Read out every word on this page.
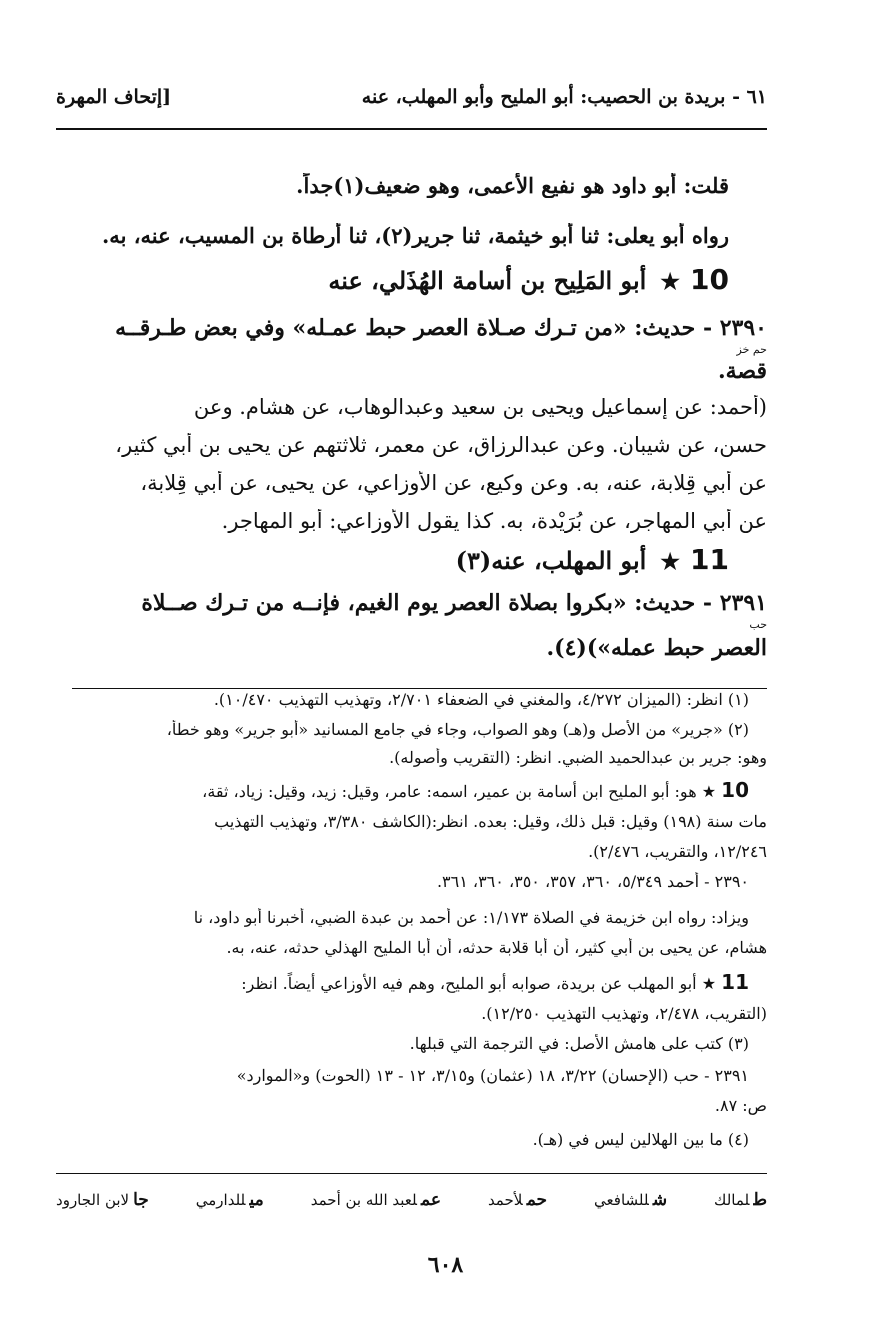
٦١ - بريدة بن الحصيب: أبو المليح وأبو المهلب، عنه
[إتحاف المهرة
قلت: أبو داود هو نفيع الأعمى، وهو ضعيف(١)جداً.
رواه أبو يعلى: ثنا أبو خيثمة، ثنا جرير(٢)، ثنا أرطاة بن المسيب، عنه، به.
10★أبو المَلِيح بن أسامة الهُذَلي، عنه
٢٣٩٠ - حديث: «من تـرك صـلاة العصر حبط عمـله» وفي بعض طـرقــه
حم خز
قصة.
(أحمد: عن إسماعيل ويحيى بن سعيد وعبدالوهاب، عن هشام. وعن
حسن، عن شيبان. وعن عبدالرزاق، عن معمر، ثلاثتهم عن يحيى بن أبي كثير،
عن أبي قِلابة، عنه، به. وعن وكيع، عن الأوزاعي، عن يحيى، عن أبي قِلابة،
عن أبي المهاجر، عن بُرَيْدة، به. كذا يقول الأوزاعي: أبو المهاجر.
11★أبو المهلب، عنه(٣)
٢٣٩١ - حديث: «بكروا بصلاة العصر يوم الغيم، فإنــه من تـرك صــلاة
حب
العصر حبط عمله»)(٤).
(١) انظر: (الميزان ٤/٢٧٢، والمغني في الضعفاء ٢/٧٠١، وتهذيب التهذيب ١٠/٤٧٠).
(٢) «جرير» من الأصل و(هـ) وهو الصواب، وجاء في جامع المسانيد «أبو جرير» وهو خطأ،
وهو: جرير بن عبدالحميد الضبي. انظر: (التقريب وأصوله).
10 ★ هو: أبو المليح ابن أسامة بن عمير، اسمه: عامر، وقيل: زيد، وقيل: زياد، ثقة،
مات سنة (١٩٨) وقيل: قبل ذلك، وقيل: بعده. انظر:(الكاشف ٣/٣٨٠، وتهذيب التهذيب
١٢/٢٤٦، والتقريب، ٢/٤٧٦).
٢٣٩٠ - أحمد ٥/٣٤٩، ٣٦٠، ٣٥٧، ٣٥٠، ٣٦٠، ٣٦١.
ويزاد: رواه ابن خزيمة في الصلاة ١/١٧٣: عن أحمد بن عبدة الضبي، أخبرنا أبو داود، نا
هشام، عن يحيى بن أبي كثير، أن أبا قلابة حدثه، أن أبا المليح الهذلي حدثه، عنه، به.
11 ★ أبو المهلب عن بريدة، صوابه أبو المليح، وهم فيه الأوزاعي أيضاً. انظر:
(التقريب، ٢/٤٧٨، وتهذيب التهذيب ١٢/٢٥٠).
(٣) كتب على هامش الأصل: في الترجمة التي قبلها.
٢٣٩١ - حب (الإحسان) ٣/٢٢، ١٨ (عثمان) و٣/١٥، ١٢ - ١٣ (الحوت) و«الموارد»
ص: ٨٧.
(٤) ما بين الهلالين ليس في (هـ).
طلمالك
شللشافعي
حملأحمد
عملعبد الله بن أحمد
ميللدارمي
جالابن الجارود
٦٠٨
